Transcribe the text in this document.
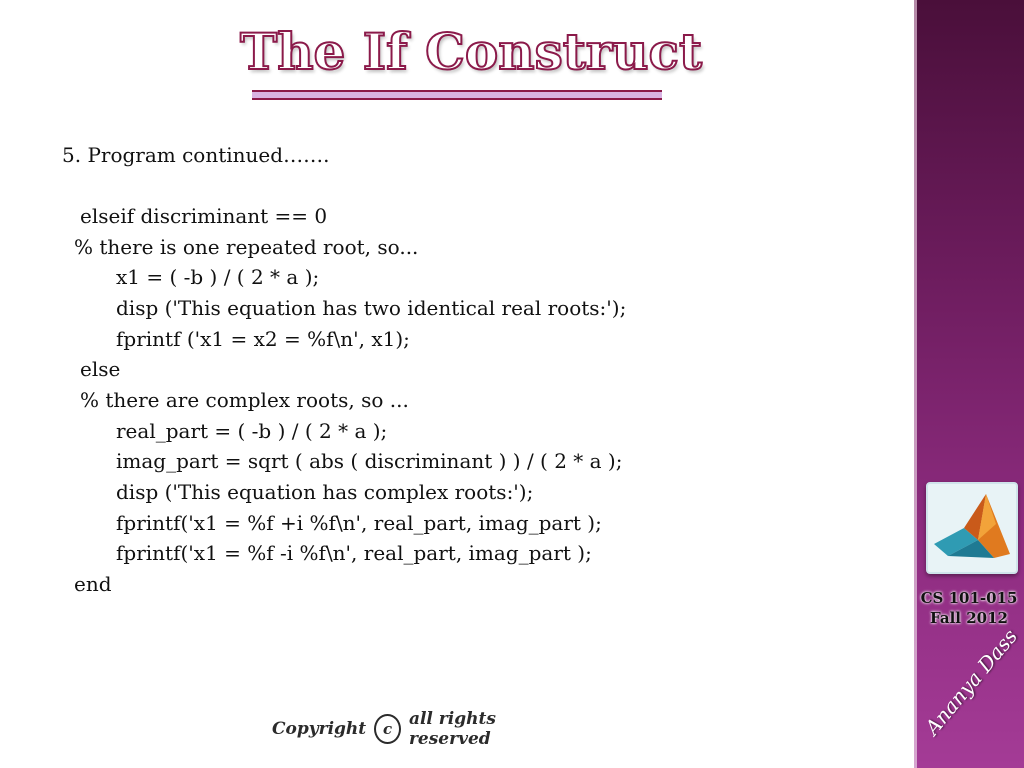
The If Construct
5. Program continued…….
elseif discriminant == 0
% there is one repeated root, so...
x1 = ( -b ) / ( 2 * a );
disp ('This equation has two identical real roots:');
fprintf ('x1 = x2 = %f\n', x1);
else
% there are complex roots, so ...
real_part = ( -b ) / ( 2 * a );
imag_part = sqrt ( abs ( discriminant ) ) / ( 2 * a );
disp ('This equation has complex roots:');
fprintf('x1 = %f +i %f\n', real_part, imag_part );
fprintf('x1 = %f -i %f\n', real_part, imag_part );
end
Copyright	c all rights reserved
CS 101-015
Fall 2012
Ananya Dass
